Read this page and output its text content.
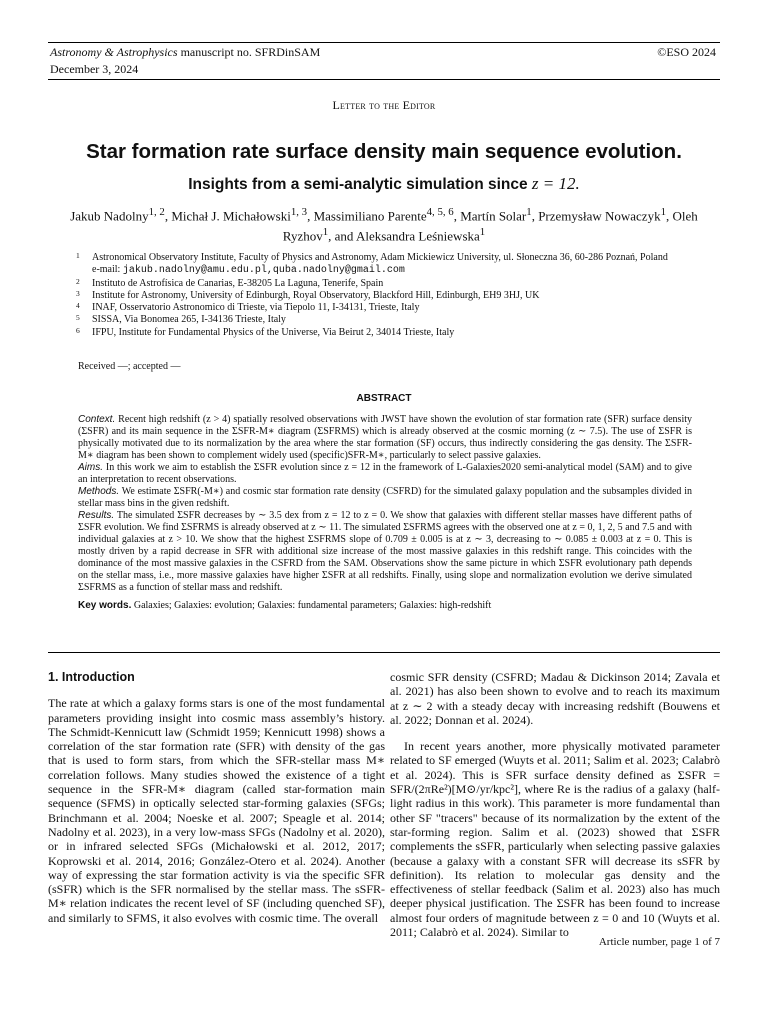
Astronomy & Astrophysics manuscript no. SFRDinSAM
December 3, 2024
©ESO 2024
Letter to the Editor
Star formation rate surface density main sequence evolution.
Insights from a semi-analytic simulation since z = 12.
Jakub Nadolny$^{1, 2}$, Michał J. Michałowski$^{1, 3}$, Massimiliano Parente$^{4, 5, 6}$, Martín Solar$^1$, Przemysław Nowaczyk$^1$, Oleh Ryzhov$^1$, and Aleksandra Leśniewska$^1$
1 Astronomical Observatory Institute, Faculty of Physics and Astronomy, Adam Mickiewicz University, ul. Słoneczna 36, 60-286 Poznań, Poland
e-mail: jakub.nadolny@amu.edu.pl,quba.nadolny@gmail.com
2 Instituto de Astrofísica de Canarias, E-38205 La Laguna, Tenerife, Spain
3 Institute for Astronomy, University of Edinburgh, Royal Observatory, Blackford Hill, Edinburgh, EH9 3HJ, UK
4 INAF, Osservatorio Astronomico di Trieste, via Tiepolo 11, I-34131, Trieste, Italy
5 SISSA, Via Bonomea 265, I-34136 Trieste, Italy
6 IFPU, Institute for Fundamental Physics of the Universe, Via Beirut 2, 34014 Trieste, Italy
Received —; accepted —
ABSTRACT

Context. Recent high redshift (z > 4) spatially resolved observations with JWST have shown the evolution of star formation rate (SFR) surface density (ΣSFR) and its main sequence in the ΣSFR-M∗ diagram (ΣSFRMS) which is already observed at the cosmic morning (z ∼ 7.5). The use of ΣSFR is physically motivated due to its normalization by the area where the star formation (SF) occurs, thus indirectly considering the gas density. The ΣSFR-M∗ diagram has been shown to complement widely used (specific)SFR-M∗, particularly to select passive galaxies.

Aims. In this work we aim to establish the ΣSFR evolution since z = 12 in the framework of L-Galaxies2020 semi-analytical model (SAM) and to give an interpretation to recent observations.

Methods. We estimate ΣSFR(-M∗) and cosmic star formation rate density (CSFRD) for the simulated galaxy population and the subsamples divided in stellar mass bins in the given redshift.

Results. The simulated ΣSFR decreases by ∼ 3.5 dex from z = 12 to z = 0. We show that galaxies with different stellar masses have different paths of ΣSFR evolution. We find ΣSFRMS is already observed at z ∼ 11. The simulated ΣSFRMS agrees with the observed one at z = 0, 1, 2, 5 and 7.5 and with individual galaxies at z > 10. We show that the highest ΣSFRMS slope of 0.709 ± 0.005 is at z ∼ 3, decreasing to ∼ 0.085 ± 0.003 at z = 0. This is mostly driven by a rapid decrease in SFR with additional size increase of the most massive galaxies in this redshift range. This coincides with the dominance of the most massive galaxies in the CSFRD from the SAM. Observations show the same picture in which ΣSFR evolutionary path depends on the stellar mass, i.e., more massive galaxies have higher ΣSFR at all redshifts. Finally, using slope and normalization evolution we derive simulated ΣSFRMS as a function of stellar mass and redshift.

Key words. Galaxies; Galaxies: evolution; Galaxies: fundamental parameters; Galaxies: high-redshift

1. Introduction

The rate at which a galaxy forms stars is one of the most fundamental parameters providing insight into cosmic mass assembly’s history. The Schmidt-Kennicutt law (Schmidt 1959; Kennicutt 1998) shows a correlation of the star formation rate (SFR) with density of the gas that is used to form stars, from which the SFR-stellar mass M∗ correlation follows. Many studies showed the existence of a tight sequence in the SFR-M∗ diagram (called star-formation main sequence (SFMS) in optically selected star-forming galaxies (SFGs; Brinchmann et al. 2004; Noeske et al. 2007; Speagle et al. 2014; Nadolny et al. 2023), in a very low-mass SFGs (Nadolny et al. 2020), or in infrared selected SFGs (Michałowski et al. 2012, 2017; Koprowski et al. 2014, 2016; González-Otero et al. 2024). Another way of expressing the star formation activity is via the specific SFR (sSFR) which is the SFR normalised by the stellar mass. The sSFR-M∗ relation indicates the recent level of SF (including quenched SF), and similarly to SFMS, it also evolves with cosmic time. The overall

cosmic SFR density (CSFRD; Madau & Dickinson 2014; Zavala et al. 2021) has also been shown to evolve and to reach its maximum at z ∼ 2 with a steady decay with increasing redshift (Bouwens et al. 2022; Donnan et al. 2024).

In recent years another, more physically motivated parameter related to SF emerged (Wuyts et al. 2011; Salim et al. 2023; Calabrò et al. 2024). This is SFR surface density defined as ΣSFR = SFR/(2πRe²)[M⊙/yr/kpc²], where Re is the radius of a galaxy (half-light radius in this work). This parameter is more fundamental than other SF "tracers" because of its normalization by the extent of the star-forming region. Salim et al. (2023) showed that ΣSFR complements the sSFR, particularly when selecting passive galaxies (because a galaxy with a constant SFR will decrease its sSFR by definition). Its relation to molecular gas density and the effectiveness of stellar feedback (Salim et al. 2023) also has much deeper physical justification. The ΣSFR has been found to increase almost four orders of magnitude between z = 0 and 10 (Wuyts et al. 2011; Calabrò et al. 2024). Similar to

Article number, page 1 of 7
